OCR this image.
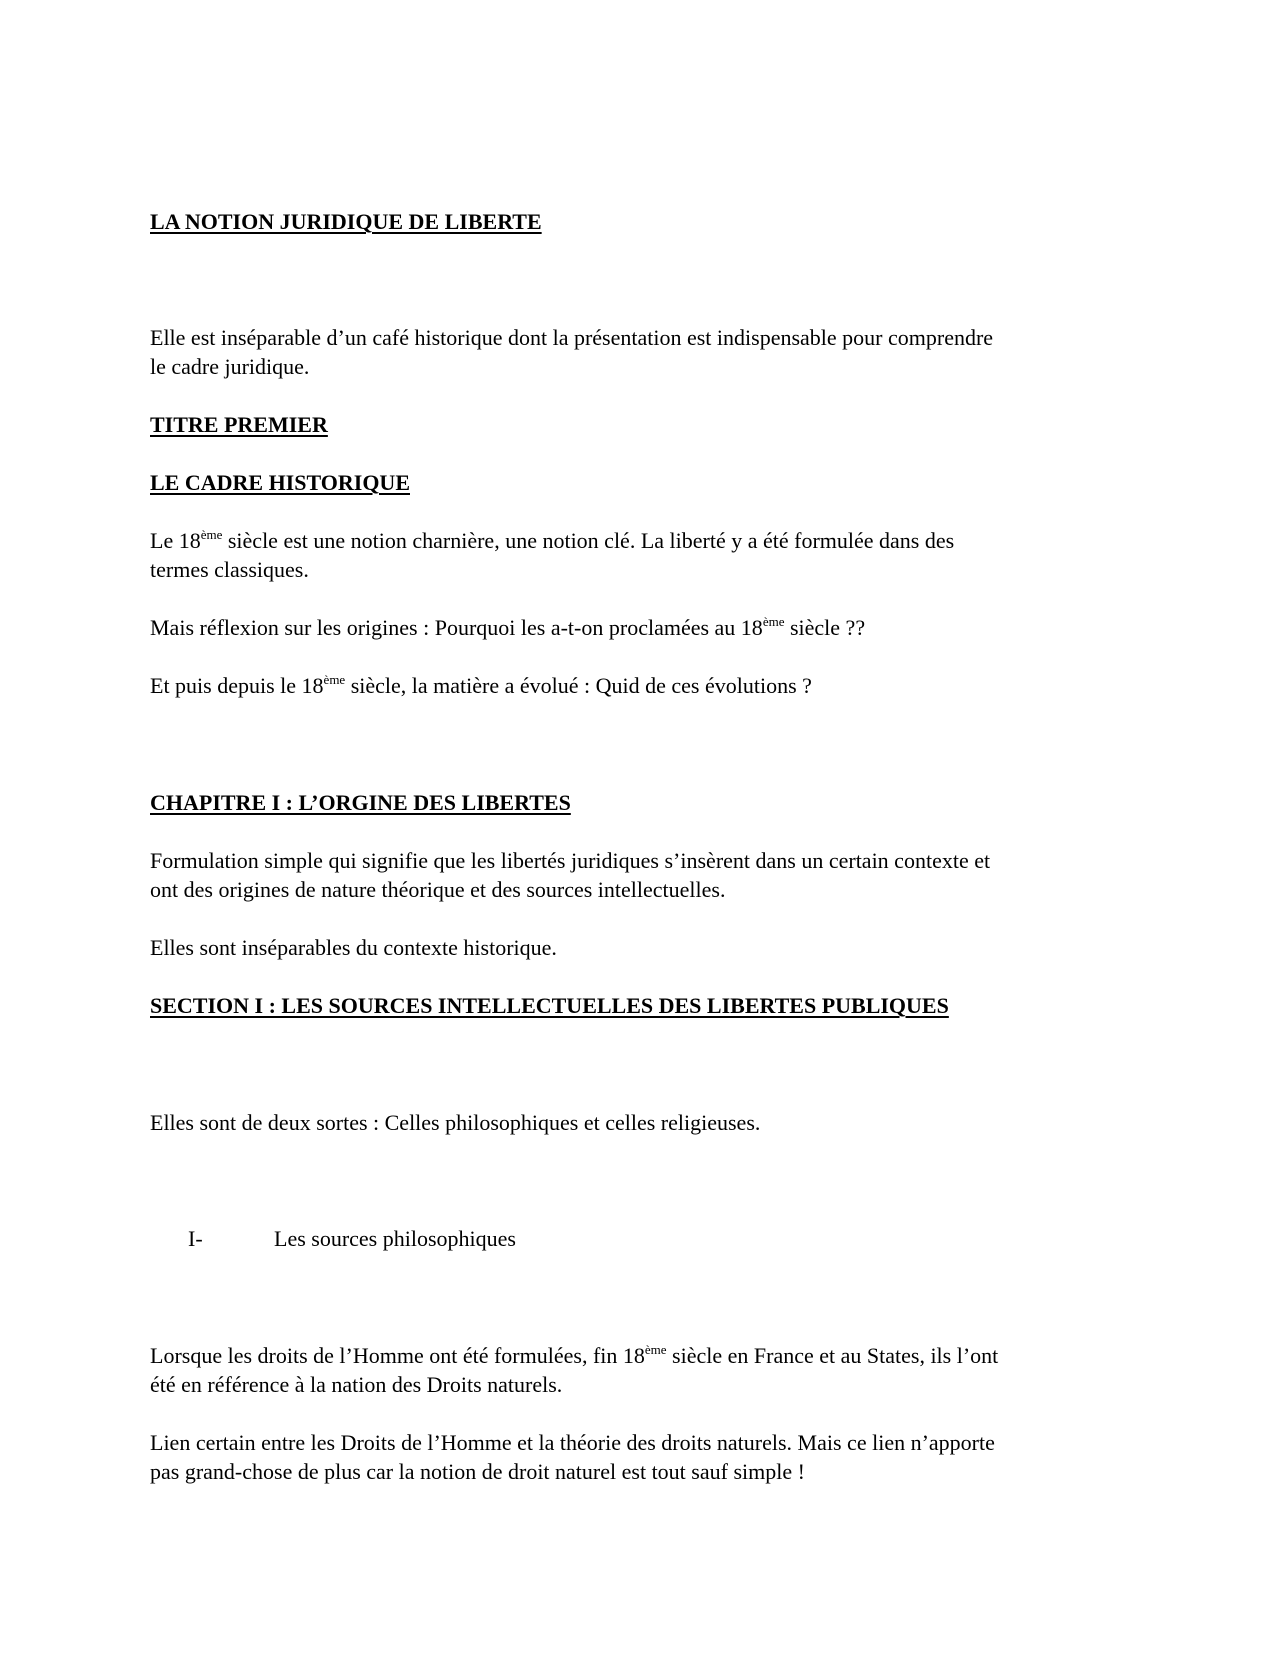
LA NOTION JURIDIQUE DE LIBERTE
Elle est inséparable d’un café historique dont la présentation est indispensable pour comprendre
le cadre juridique.
TITRE PREMIER
LE CADRE HISTORIQUE
Le 18ème siècle est une notion charnière, une notion clé. La liberté y a été formulée dans des
termes classiques.
Mais réflexion sur les origines : Pourquoi les a-t-on proclamées au 18ème siècle ??
Et puis depuis le 18ème siècle, la matière a évolué : Quid de ces évolutions ?
CHAPITRE I : L’ORGINE DES LIBERTES
Formulation simple qui signifie que les libertés juridiques s’insèrent dans un certain contexte et
ont des origines de nature théorique et des sources intellectuelles.
Elles sont inséparables du contexte historique.
SECTION I : LES SOURCES INTELLECTUELLES DES LIBERTES PUBLIQUES
Elles sont de deux sortes : Celles philosophiques et celles religieuses.
I-	Les sources philosophiques
Lorsque les droits de l’Homme ont été formulées, fin 18ème siècle en France et au States, ils l’ont
été en référence à la nation des Droits naturels.
Lien certain entre les Droits de l’Homme et la théorie des droits naturels. Mais ce lien n’apporte
pas grand-chose de plus car la notion de droit naturel est tout sauf simple !
